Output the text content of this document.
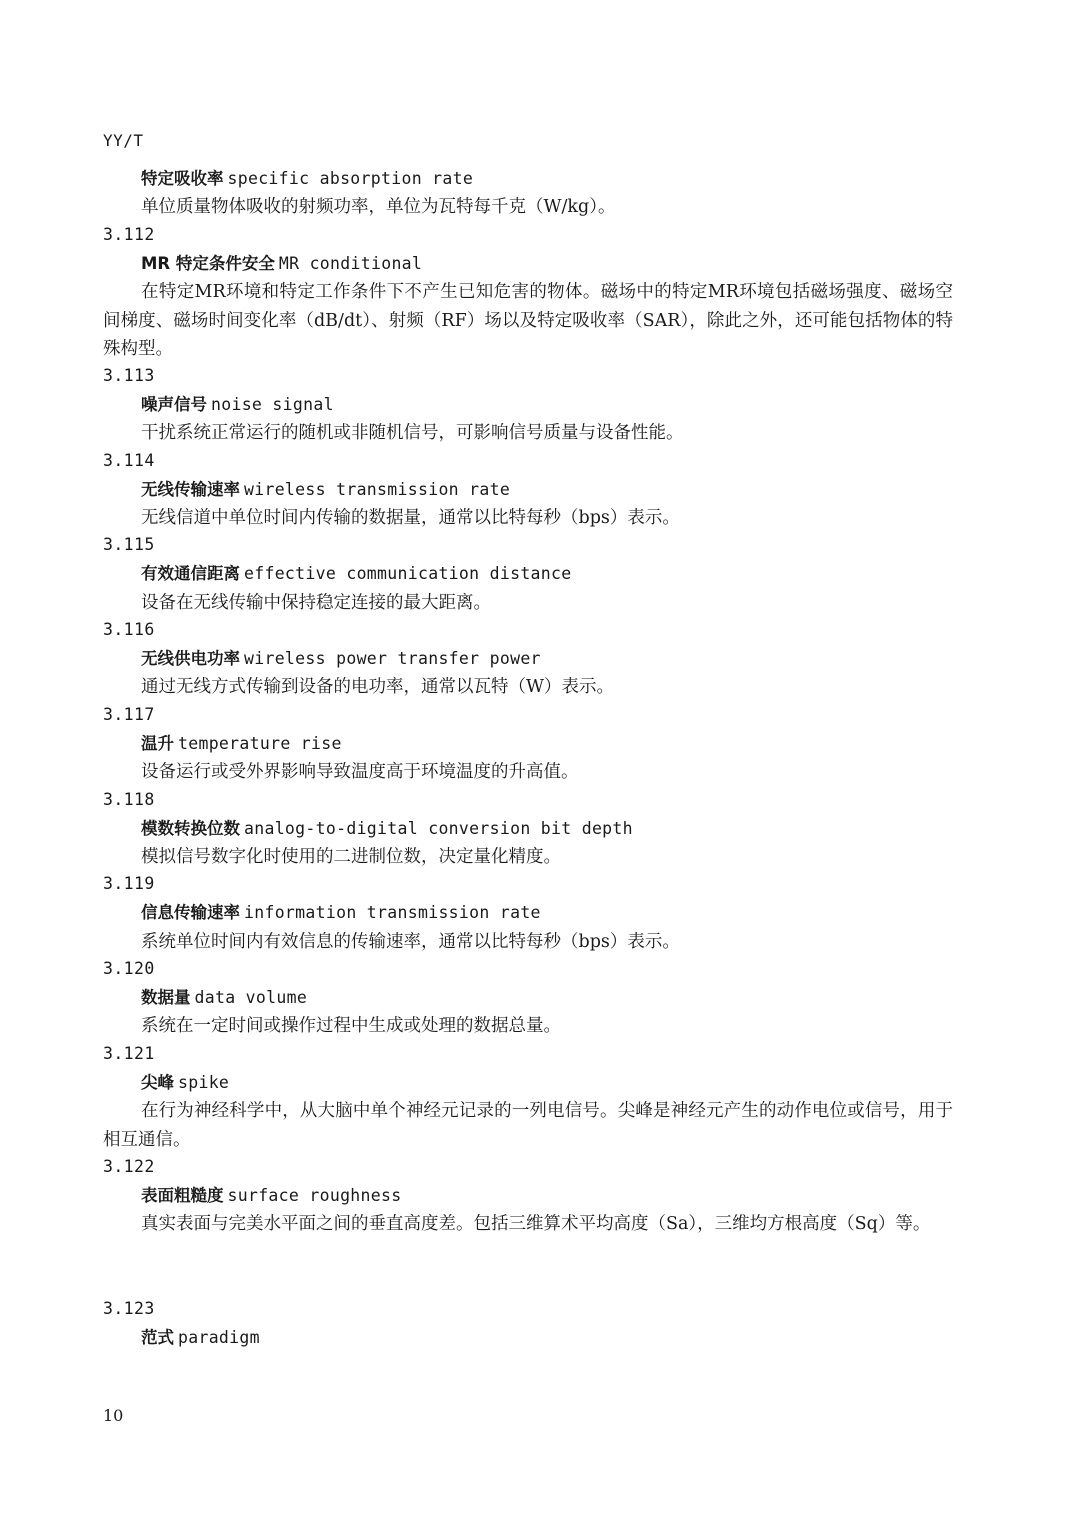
YY/T
特定吸收率 specific absorption rate
单位质量物体吸收的射频功率，单位为瓦特每千克（W/kg）。
3.112
MR 特定条件安全 MR conditional
在特定MR环境和特定工作条件下不产生已知危害的物体。磁场中的特定MR环境包括磁场强度、磁场空间梯度、磁场时间变化率（dB/dt）、射频（RF）场以及特定吸收率（SAR），除此之外，还可能包括物体的特殊构型。
3.113
噪声信号 noise signal
干扰系统正常运行的随机或非随机信号，可影响信号质量与设备性能。
3.114
无线传输速率 wireless transmission rate
无线信道中单位时间内传输的数据量，通常以比特每秒（bps）表示。
3.115
有效通信距离 effective communication distance
设备在无线传输中保持稳定连接的最大距离。
3.116
无线供电功率 wireless power transfer power
通过无线方式传输到设备的电功率，通常以瓦特（W）表示。
3.117
温升 temperature rise
设备运行或受外界影响导致温度高于环境温度的升高值。
3.118
模数转换位数 analog-to-digital conversion bit depth
模拟信号数字化时使用的二进制位数，决定量化精度。
3.119
信息传输速率 information transmission rate
系统单位时间内有效信息的传输速率，通常以比特每秒（bps）表示。
3.120
数据量 data volume
系统在一定时间或操作过程中生成或处理的数据总量。
3.121
尖峰 spike
在行为神经科学中，从大脑中单个神经元记录的一列电信号。尖峰是神经元产生的动作电位或信号，用于相互通信。
3.122
表面粗糙度 surface roughness
真实表面与完美水平面之间的垂直高度差。包括三维算术平均高度（Sa），三维均方根高度（Sq）等。
3.123
范式 paradigm
10
